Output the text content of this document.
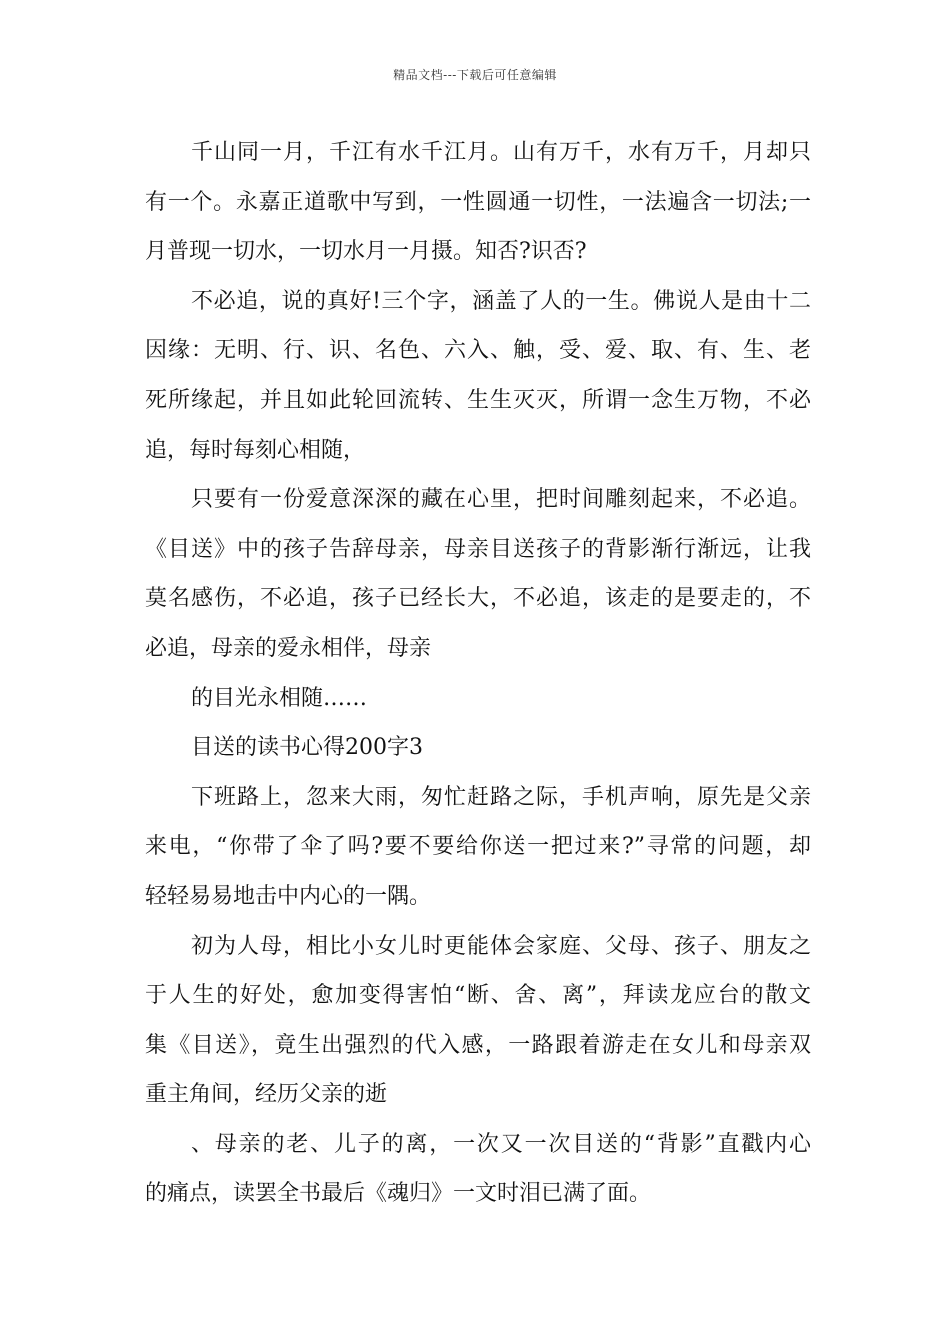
精品文档---下载后可任意编辑
千山同一月，千江有水千江月。山有万千，水有万千，月却只
有一个。永嘉正道歌中写到，一性圆通一切性，一法遍含一切法;一
月普现一切水，一切水月一月摄。知否?识否?
不必追，说的真好!三个字，涵盖了人的一生。佛说人是由十二
因缘：无明、行、识、名色、六入、触，受、爱、取、有、生、老
死所缘起，并且如此轮回流转、生生灭灭，所谓一念生万物，不必
追，每时每刻心相随，
只要有一份爱意深深的藏在心里，把时间雕刻起来，不必追。
《目送》中的孩子告辞母亲，母亲目送孩子的背影渐行渐远，让我
莫名感伤，不必追，孩子已经长大，不必追，该走的是要走的，不
必追，母亲的爱永相伴，母亲
的目光永相随……
目送的读书心得200字3
下班路上，忽来大雨，匆忙赶路之际，手机声响，原先是父亲
来电，“你带了伞了吗?要不要给你送一把过来?”寻常的问题，却
轻轻易易地击中内心的一隅。
初为人母，相比小女儿时更能体会家庭、父母、孩子、朋友之
于人生的好处，愈加变得害怕“断、舍、离”，拜读龙应台的散文
集《目送》，竟生出强烈的代入感，一路跟着游走在女儿和母亲双
重主角间，经历父亲的逝
、母亲的老、儿子的离，一次又一次目送的“背影”直戳内心
的痛点，读罢全书最后《魂归》一文时泪已满了面。
